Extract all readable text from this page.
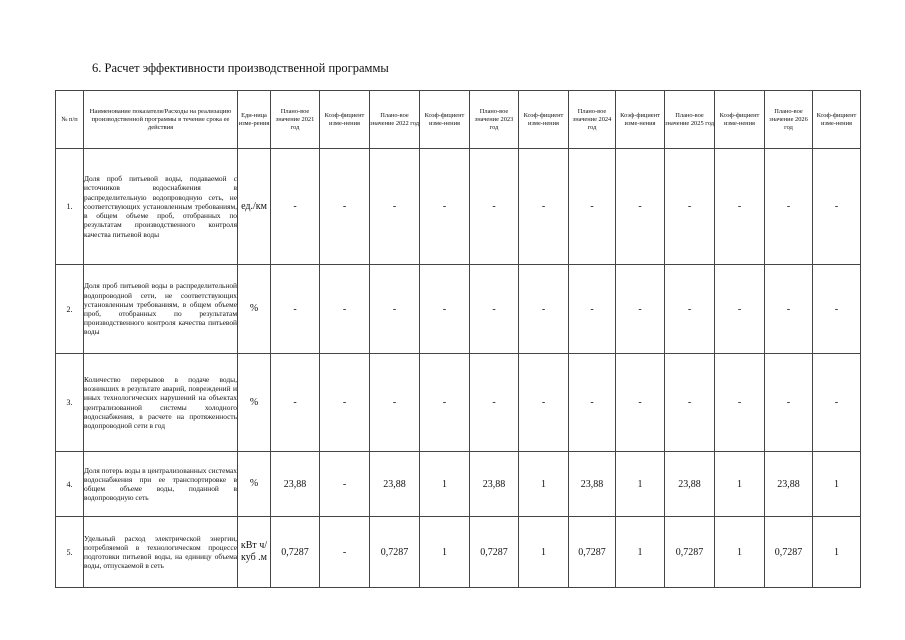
6. Расчет эффективности производственной программы
№ п/п	Наименование показателя/Расходы на реализацию производственной программы в течение срока ее действия	Еди-ница изме-рения	Плано-вое значение 2021 год	Коэф-фициент изме-нения	Плано-вое значение 2022 год	Коэф-фициент изме-нения	Плано-вое значение 2023 год	Коэф-фициент изме-нения	Плано-вое значение 2024 год	Коэф-фициент изме-нения	Плано-вое значение 2025 год	Коэф-фициент изме-нения	Плано-вое значение 2026 год	Коэф-фициент изме-нения
1.	Доля проб питьевой воды, подаваемой с источников водоснабжения в распределительную водопроводную сеть, не соответствующих установленным требованиям, в общем объеме проб, отобранных по результатам производственного контроля качества питьевой воды	ед./км	-	-	-	-	-	-	-	-	-	-	-	-
2.	Доля проб питьевой воды в распределительной водопроводной сети, не соответствующих установленным требованиям, в общем объеме проб, отобранных по результатам производственного контроля качества питьевой воды	%	-	-	-	-	-	-	-	-	-	-	-	-
3.	Количество перерывов в подаче воды, возникших в результате аварий, повреждений и иных технологических нарушений на объектах централизованной системы холодного водоснабжения, в расчете на протяженность водопроводной сети в год	%	-	-	-	-	-	-	-	-	-	-	-	-
4.	Доля потерь воды в централизованных системах водоснабжения при ее транспортировке в общем объеме воды, поданной в водопроводную сеть	%	23,88	-	23,88	1	23,88	1	23,88	1	23,88	1	23,88	1
5.	Удельный расход электрической энергии, потребляемой в технологическом процессе подготовки питьевой воды, на единицу объема воды, отпускаемой в сеть	кВт ч/куб .м	0,7287	-	0,7287	1	0,7287	1	0,7287	1	0,7287	1	0,7287	1
